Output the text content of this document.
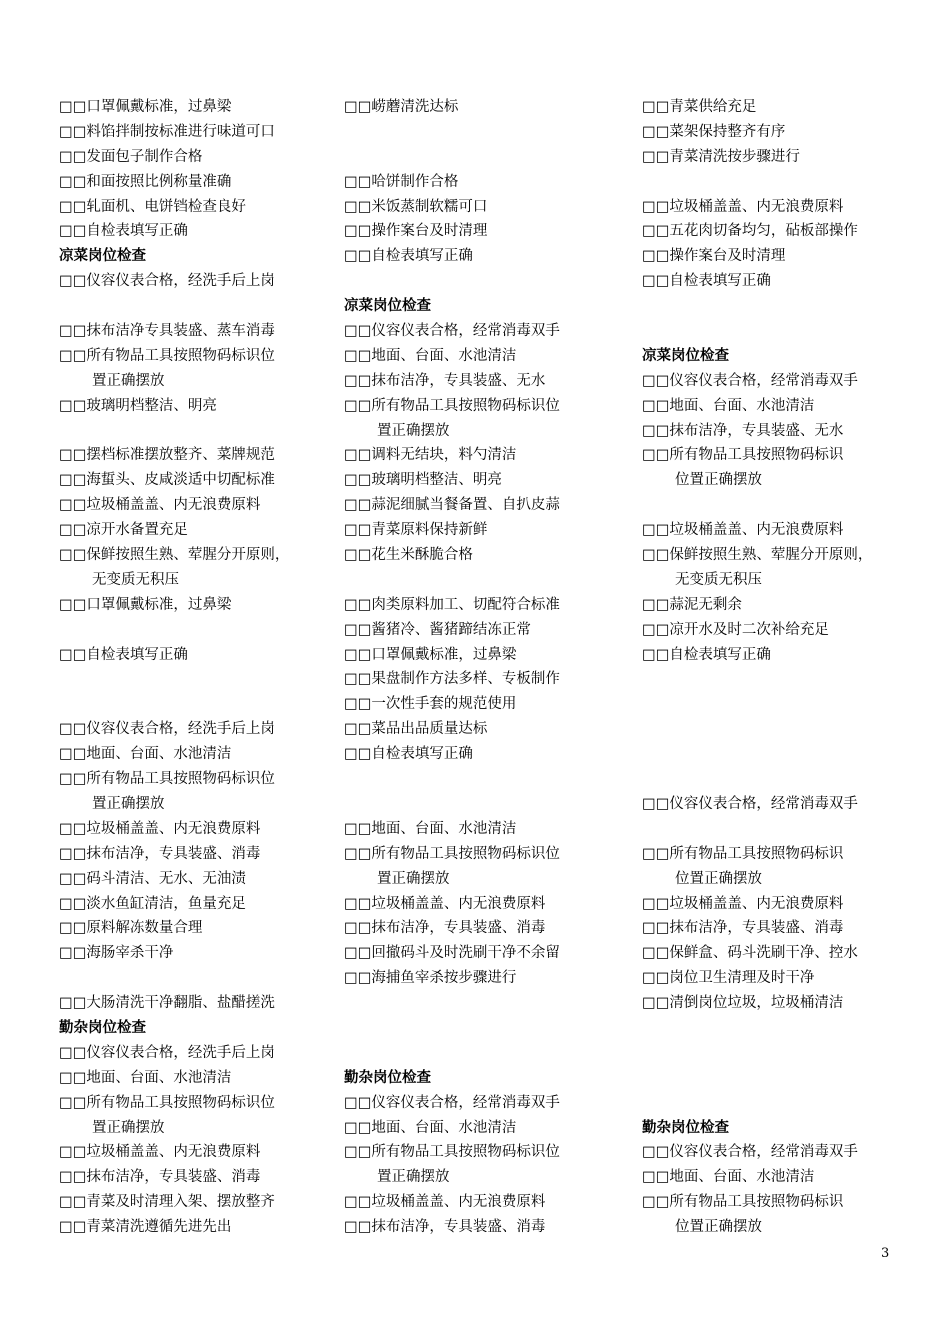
□□口罩佩戴标准，过鼻梁
□□料馅拌制按标准进行味道可口
□□发面包子制作合格
□□和面按照比例称量准确
□□轧面机、电饼铛检查良好
□□自检表填写正确
凉菜岗位检查
□□仪容仪表合格，经洗手后上岗
□□抹布洁净专具装盛、蒸车消毒
□□所有物品工具按照物码标识位
置正确摆放
□□玻璃明档整洁、明亮
□□摆档标准摆放整齐、菜牌规范
□□海蜇头、皮咸淡适中切配标准
□□垃圾桶盖盖、内无浪费原料
□□凉开水备置充足
□□保鲜按照生熟、荤腥分开原则，
无变质无积压
□□口罩佩戴标准，过鼻梁
□□自检表填写正确
□□仪容仪表合格，经洗手后上岗
□□地面、台面、水池清洁
□□所有物品工具按照物码标识位
置正确摆放
□□垃圾桶盖盖、内无浪费原料
□□抹布洁净，专具装盛、消毒
□□码斗清洁、无水、无油渍
□□淡水鱼缸清洁，鱼量充足
□□原料解冻数量合理
□□海肠宰杀干净
□□大肠清洗干净翻脂、盐醋搓洗
勤杂岗位检查
□□仪容仪表合格，经洗手后上岗
□□地面、台面、水池清洁
□□所有物品工具按照物码标识位
置正确摆放
□□垃圾桶盖盖、内无浪费原料
□□抹布洁净，专具装盛、消毒
□□青菜及时清理入架、摆放整齐
□□青菜清洗遵循先进先出
□□崂蘑清洗达标
□□哈饼制作合格
□□米饭蒸制软糯可口
□□操作案台及时清理
□□自检表填写正确
凉菜岗位检查
□□仪容仪表合格，经常消毒双手
□□地面、台面、水池清洁
□□抹布洁净，专具装盛、无水
□□所有物品工具按照物码标识位
置正确摆放
□□调料无结块，料勺清洁
□□玻璃明档整洁、明亮
□□蒜泥细腻当餐备置、自扒皮蒜
□□青菜原料保持新鲜
□□花生米酥脆合格
□□肉类原料加工、切配符合标准
□□酱猪冷、酱猪蹄结冻正常
□□口罩佩戴标准，过鼻梁
□□果盘制作方法多样、专板制作
□□一次性手套的规范使用
□□菜品出品质量达标
□□自检表填写正确
□□地面、台面、水池清洁
□□所有物品工具按照物码标识位
置正确摆放
□□垃圾桶盖盖、内无浪费原料
□□抹布洁净，专具装盛、消毒
□□回撤码斗及时洗刷干净不余留
□□海捕鱼宰杀按步骤进行
勤杂岗位检查
□□仪容仪表合格，经常消毒双手
□□地面、台面、水池清洁
□□所有物品工具按照物码标识位
置正确摆放
□□垃圾桶盖盖、内无浪费原料
□□抹布洁净，专具装盛、消毒
□□青菜供给充足
□□菜架保持整齐有序
□□青菜清洗按步骤进行
□□垃圾桶盖盖、内无浪费原料
□□五花肉切备均匀，砧板部操作
□□操作案台及时清理
□□自检表填写正确
凉菜岗位检查
□□仪容仪表合格，经常消毒双手
□□地面、台面、水池清洁
□□抹布洁净，专具装盛、无水
□□所有物品工具按照物码标识
位置正确摆放
□□垃圾桶盖盖、内无浪费原料
□□保鲜按照生熟、荤腥分开原则，
无变质无积压
□□蒜泥无剩余
□□凉开水及时二次补给充足
□□自检表填写正确
□□仪容仪表合格，经常消毒双手
□□所有物品工具按照物码标识
位置正确摆放
□□垃圾桶盖盖、内无浪费原料
□□抹布洁净，专具装盛、消毒
□□保鲜盒、码斗洗刷干净、控水
□□岗位卫生清理及时干净
□□清倒岗位垃圾，垃圾桶清洁
勤杂岗位检查
□□仪容仪表合格，经常消毒双手
□□地面、台面、水池清洁
□□所有物品工具按照物码标识
位置正确摆放
3
